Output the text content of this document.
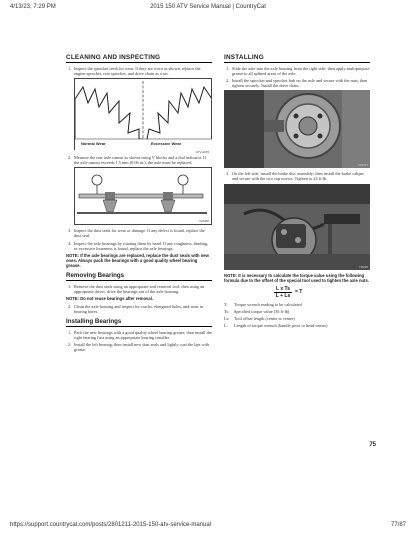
4/13/23, 7:29 PM	2015 150 ATV Service Manual | CountryCat
CLEANING AND INSPECTING
1. Inspect the sprocket teeth for wear. If they are worn as shown, replace the engine sprocket, rear sprocket, and drive chain as a set.
Normal Wear	Excessive Wear
ATV-2165
2. Measure the rear axle runout as shown using V blocks and a dial indicator. If the axle runout exceeds 1.5 mm (0.06 in.), the axle must be replaced.
KM480
3. Inspect the dust seals for wear or damage. If any defect is found, replace the dust seal.
4. Inspect the axle bearings by rotating them by hand. If any roughness, binding, or excessive looseness is found, replace the axle bearings.
NOTE: If the axle bearings are replaced, replace the dust seals with new ones. Always pack the bearings with a good quality wheel bearing grease.
Removing Bearings
1. Remove the dust seals using an appropriate seal removal tool; then using an appropriate driver, drive the bearings out of the axle housing.
NOTE: Do not reuse bearings after removal.
2. Clean the axle housing and inspect for cracks, elongated holes, and wear in bearing bores.
Installing Bearings
1. Pack the new bearings with a good quality wheel bearing grease; then install the right bearing first using an appropriate bearing installer.
2. Install the left bearing; then install new dust seals and lightly coat the lips with grease.
INSTALLING
1. Slide the axle into the axle housing from the right side; then apply multipurpose grease to all splined areas of the axle.
2. Install the sprocket and sprocket hub on the axle and secure with the nuts; then tighten securely. Install the drive chain.
KM477
3. On the left side, install the brake disc assembly; then install the brake caliper and secure with the two cap screws. Tighten to 24 ft-lb.
TR230
NOTE: It is necessary to calculate the torque value using the following formula due to the offset of the special tool used to tighten the axle nuts.
$\frac{\text{L x Ts}}{L + Ls} = T$
T:	Torque wrench reading to be calculated
Ts:	Specified torque value (36 ft-lb)
Ls:	Tool offset length (center to center)
L:	Length of torque wrench (handle pivot to head-center)
75
https://support.countrycat.com/posts/2801211-2015-150-atv-service-manual	77/87
